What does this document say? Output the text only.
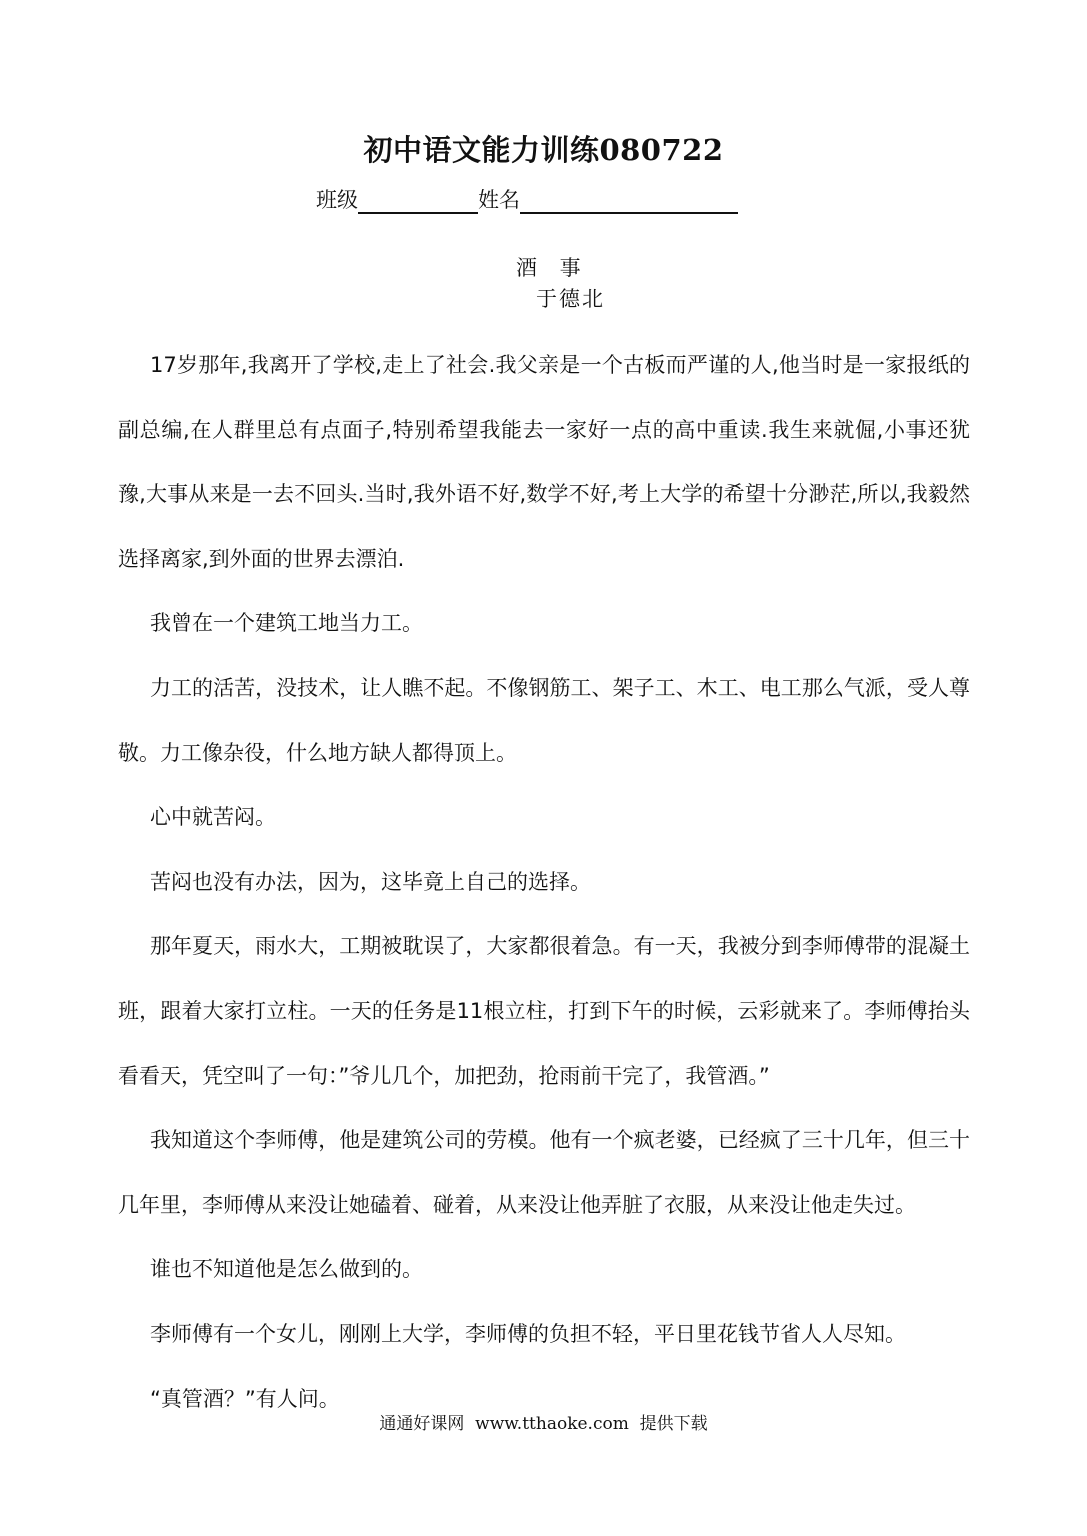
初中语文能力训练080722
班级	姓名
酒 事
于德北

17岁那年,我离开了学校,走上了社会.我父亲是一个古板而严谨的人,他当时是一家报纸的副总编,在人群里总有点面子,特别希望我能去一家好一点的高中重读.我生来就倔,小事还犹豫,大事从来是一去不回头.当时,我外语不好,数学不好,考上大学的希望十分渺茫,所以,我毅然选择离家,到外面的世界去漂泊.

我曾在一个建筑工地当力工。

力工的活苦，没技术，让人瞧不起。不像钢筋工、架子工、木工、电工那么气派，受人尊敬。力工像杂役，什么地方缺人都得顶上。

心中就苦闷。

苦闷也没有办法，因为，这毕竟上自己的选择。

那年夏天，雨水大，工期被耽误了，大家都很着急。有一天，我被分到李师傅带的混凝土班，跟着大家打立柱。一天的任务是11根立柱，打到下午的时候，云彩就来了。李师傅抬头看看天，凭空叫了一句：”爷儿几个，加把劲，抢雨前干完了，我管酒。”

我知道这个李师傅，他是建筑公司的劳模。他有一个疯老婆，已经疯了三十几年，但三十几年里，李师傅从来没让她磕着、碰着，从来没让他弄脏了衣服，从来没让他走失过。

谁也不知道他是怎么做到的。

李师傅有一个女儿，刚刚上大学，李师傅的负担不轻，平日里花钱节省人人尽知。

“真管酒？”有人问。

通通好课网  www.tthaoke.com  提供下载
